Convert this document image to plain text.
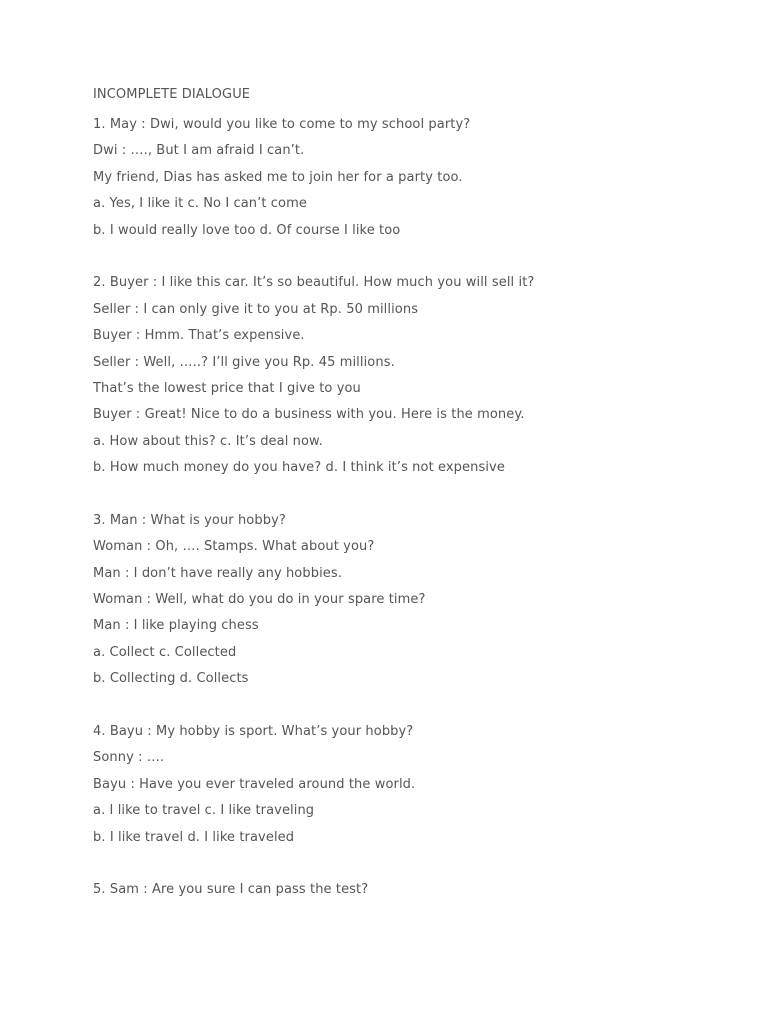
INCOMPLETE DIALOGUE
1. May : Dwi, would you like to come to my school party?
Dwi : …., But I am afraid I can’t.
My friend, Dias has asked me to join her for a party too.
a. Yes, I like it c. No I can’t come
b. I would really love too d. Of course I like too
2. Buyer : I like this car. It’s so beautiful. How much you will sell it?
Seller : I can only give it to you at Rp. 50 millions
Buyer : Hmm. That’s expensive.
Seller : Well, …..? I’ll give you Rp. 45 millions.
That’s the lowest price that I give to you
Buyer : Great! Nice to do a business with you. Here is the money.
a. How about this? c. It’s deal now.
b. How much money do you have? d. I think it’s not expensive
3. Man : What is your hobby?
Woman : Oh, …. Stamps. What about you?
Man : I don’t have really any hobbies.
Woman : Well, what do you do in your spare time?
Man : I like playing chess
a. Collect c. Collected
b. Collecting d. Collects
4. Bayu : My hobby is sport. What’s your hobby?
Sonny : ….
Bayu : Have you ever traveled around the world.
a. I like to travel c. I like traveling
b. I like travel d. I like traveled
5. Sam : Are you sure I can pass the test?
